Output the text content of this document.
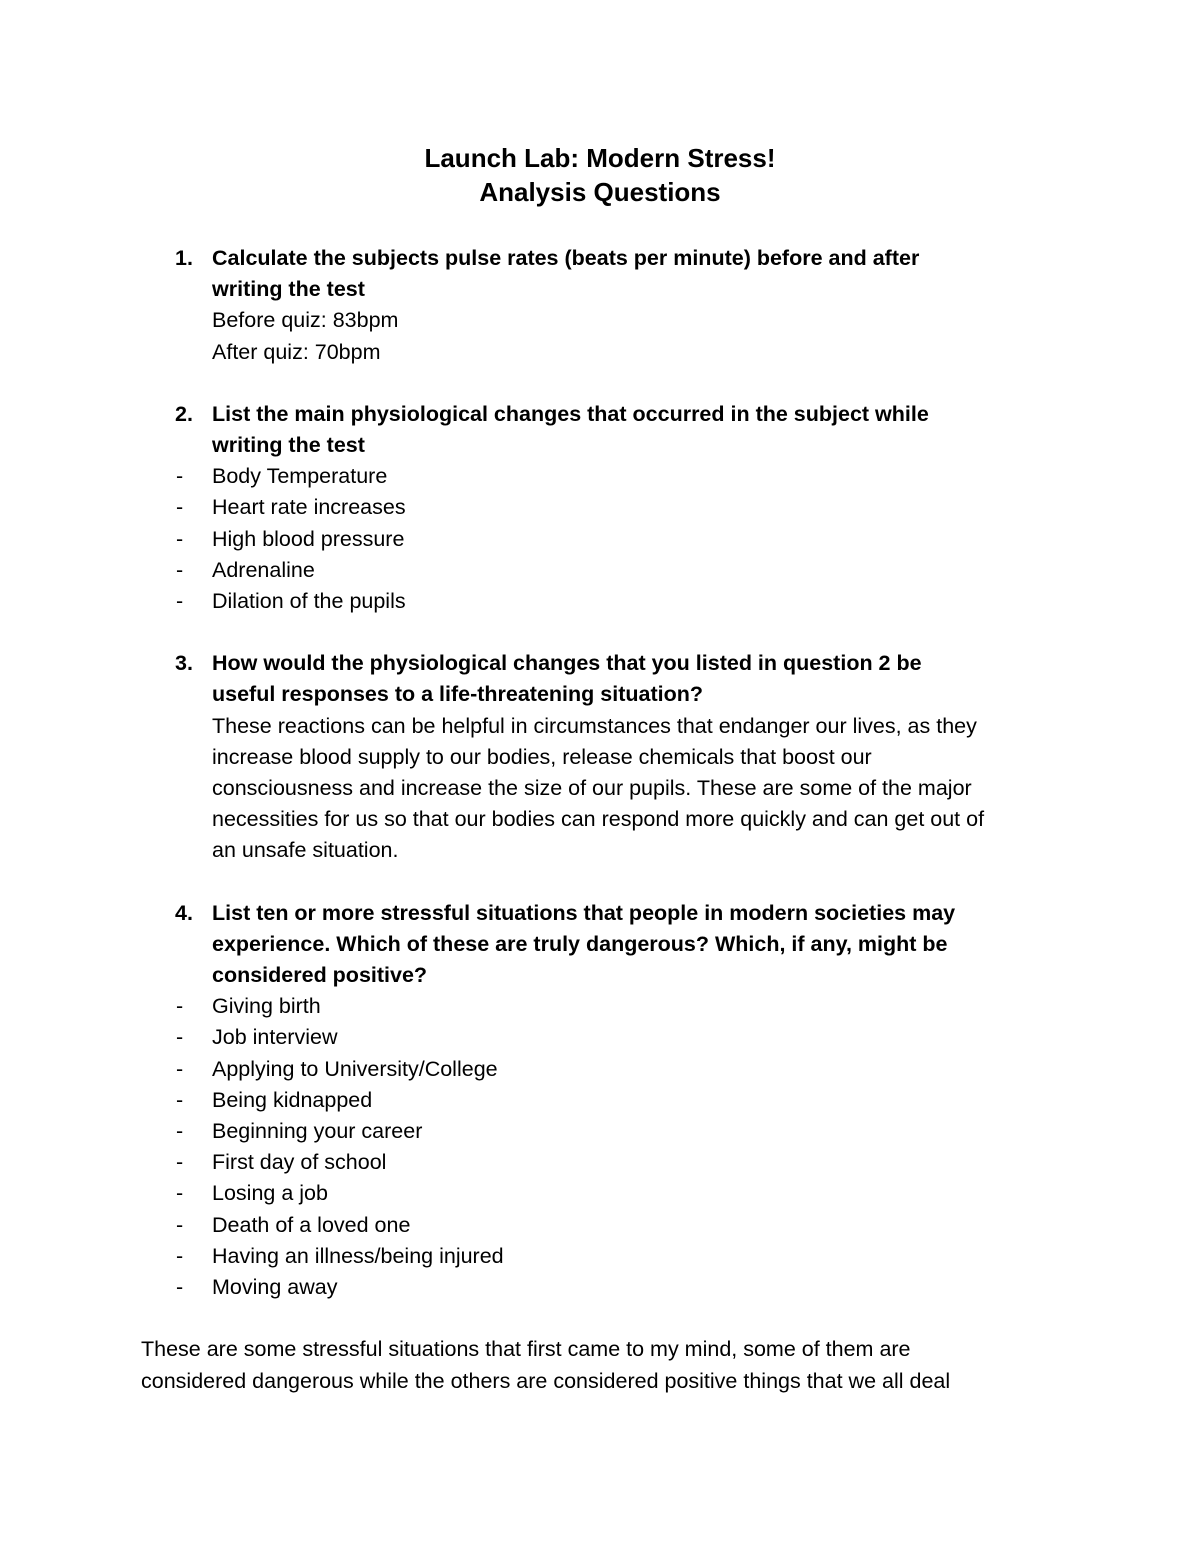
Launch Lab: Modern Stress!
Analysis Questions
1. Calculate the subjects pulse rates (beats per minute) before and after
writing the test
Before quiz: 83bpm
After quiz: 70bpm
2. List the main physiological changes that occurred in the subject while
writing the test
- Body Temperature
- Heart rate increases
- High blood pressure
- Adrenaline
- Dilation of the pupils
3. How would the physiological changes that you listed in question 2 be
useful responses to a life-threatening situation?
These reactions can be helpful in circumstances that endanger our lives, as they
increase blood supply to our bodies, release chemicals that boost our
consciousness and increase the size of our pupils. These are some of the major
necessities for us so that our bodies can respond more quickly and can get out of
an unsafe situation.
4. List ten or more stressful situations that people in modern societies may
experience. Which of these are truly dangerous? Which, if any, might be
considered positive?
- Giving birth
- Job interview
- Applying to University/College
- Being kidnapped
- Beginning your career
- First day of school
- Losing a job
- Death of a loved one
- Having an illness/being injured
- Moving away
These are some stressful situations that first came to my mind, some of them are
considered dangerous while the others are considered positive things that we all deal
